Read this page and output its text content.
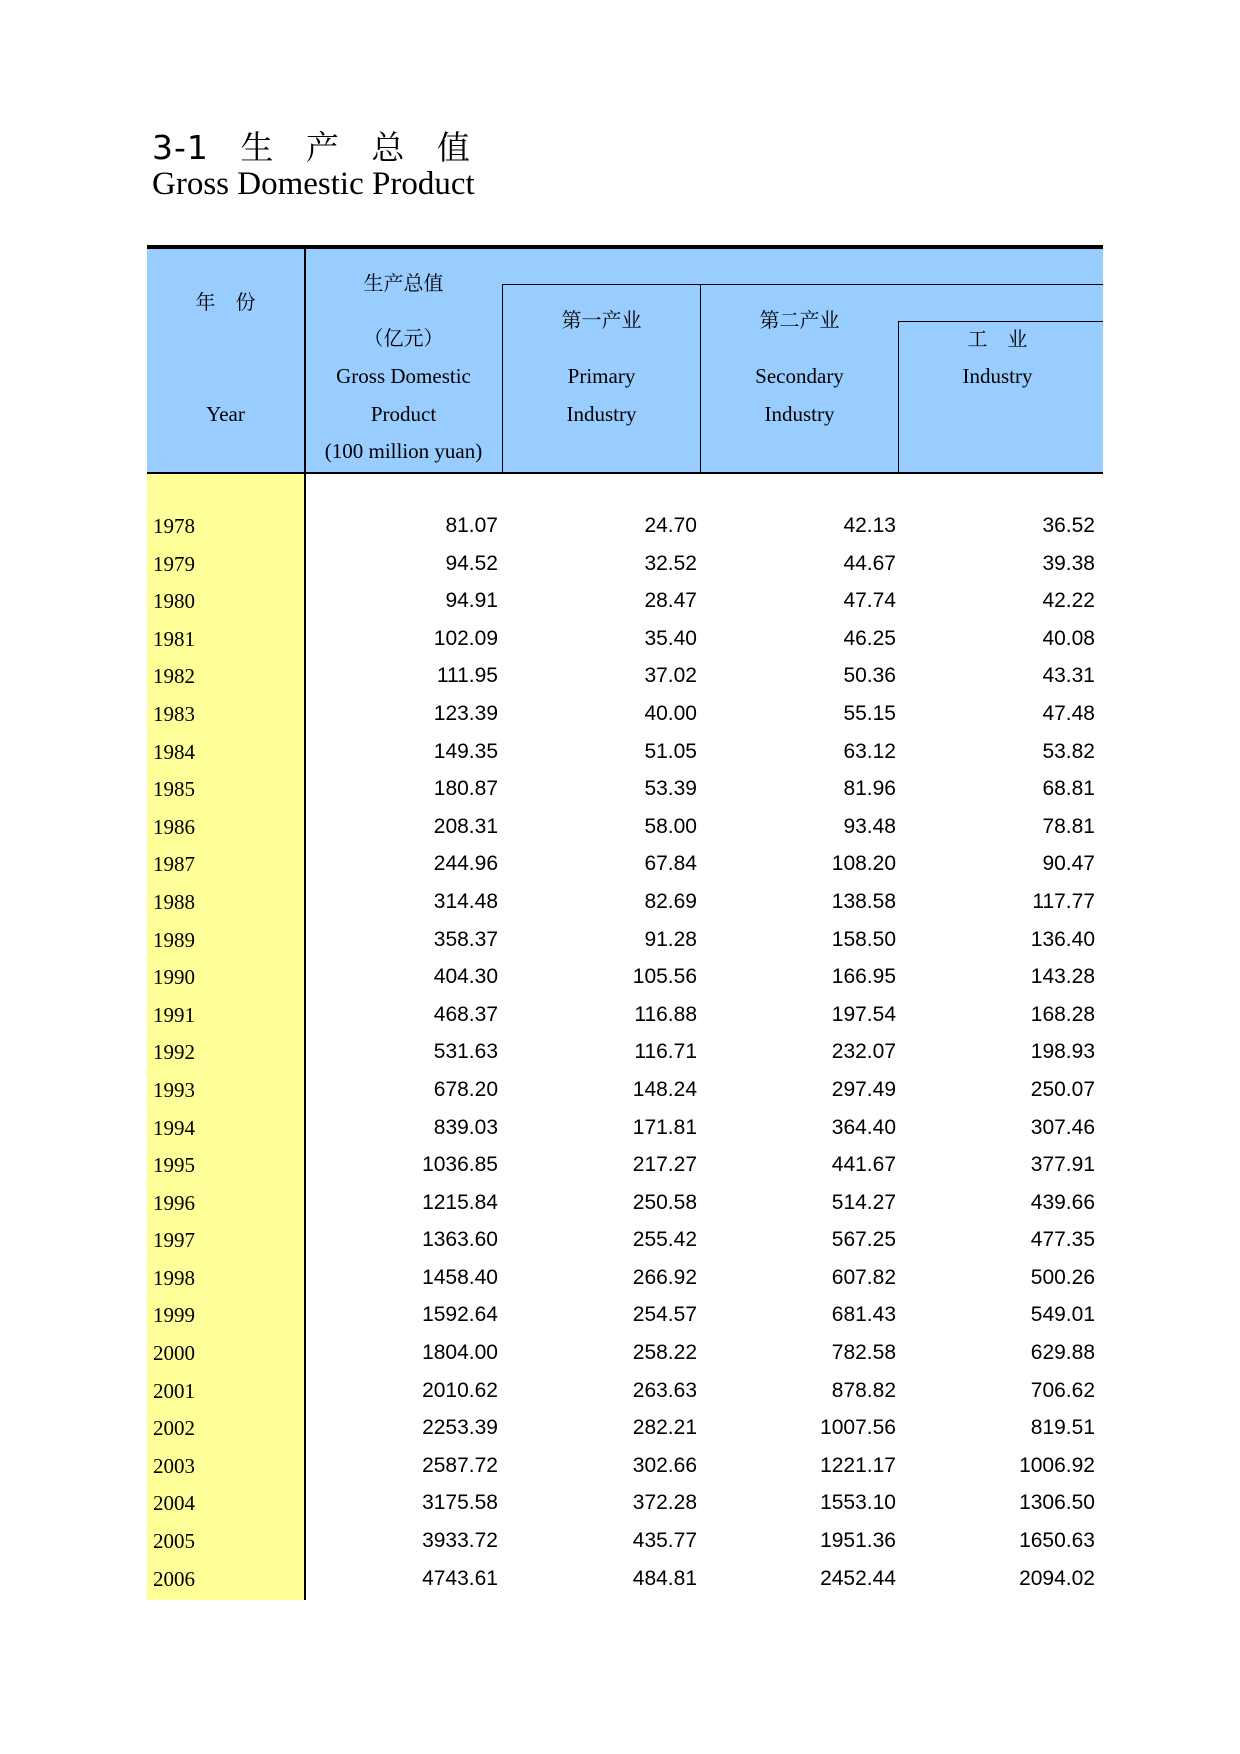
3-1 生 产 总 值
Gross Domestic Product
年　份
Year
生产总值
（亿元）
Gross Domestic
Product
(100 million yuan)
第一产业
Primary
Industry
第二产业
Secondary
Industry
工　业
Industry
1978	81.07	24.70	42.13	36.52
1979	94.52	32.52	44.67	39.38
1980	94.91	28.47	47.74	42.22
1981	102.09	35.40	46.25	40.08
1982	111.95	37.02	50.36	43.31
1983	123.39	40.00	55.15	47.48
1984	149.35	51.05	63.12	53.82
1985	180.87	53.39	81.96	68.81
1986	208.31	58.00	93.48	78.81
1987	244.96	67.84	108.20	90.47
1988	314.48	82.69	138.58	117.77
1989	358.37	91.28	158.50	136.40
1990	404.30	105.56	166.95	143.28
1991	468.37	116.88	197.54	168.28
1992	531.63	116.71	232.07	198.93
1993	678.20	148.24	297.49	250.07
1994	839.03	171.81	364.40	307.46
1995	1036.85	217.27	441.67	377.91
1996	1215.84	250.58	514.27	439.66
1997	1363.60	255.42	567.25	477.35
1998	1458.40	266.92	607.82	500.26
1999	1592.64	254.57	681.43	549.01
2000	1804.00	258.22	782.58	629.88
2001	2010.62	263.63	878.82	706.62
2002	2253.39	282.21	1007.56	819.51
2003	2587.72	302.66	1221.17	1006.92
2004	3175.58	372.28	1553.10	1306.50
2005	3933.72	435.77	1951.36	1650.63
2006	4743.61	484.81	2452.44	2094.02
